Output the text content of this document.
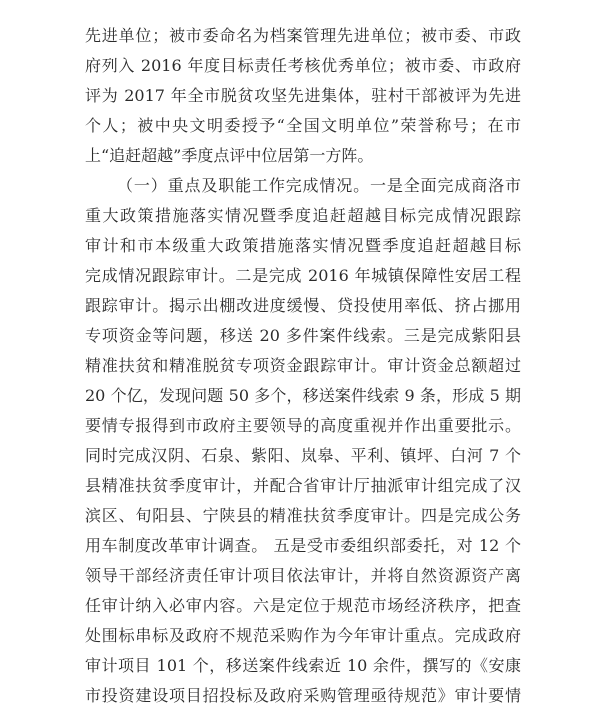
先进单位；被市委命名为档案管理先进单位；被市委、市政
府列入 2016 年度目标责任考核优秀单位；被市委、市政府
评为 2017 年全市脱贫攻坚先进集体，驻村干部被评为先进
个人；被中央文明委授予“全国文明单位”荣誉称号；在市
上“追赶超越”季度点评中位居第一方阵。
（一）重点及职能工作完成情况。一是全面完成商洛市
重大政策措施落实情况暨季度追赶超越目标完成情况跟踪
审计和市本级重大政策措施落实情况暨季度追赶超越目标
完成情况跟踪审计。二是完成 2016 年城镇保障性安居工程
跟踪审计。揭示出棚改进度缓慢、贷投使用率低、挤占挪用
专项资金等问题，移送 20 多件案件线索。三是完成紫阳县
精准扶贫和精准脱贫专项资金跟踪审计。审计资金总额超过
20 个亿，发现问题 50 多个，移送案件线索 9 条，形成 5 期
要情专报得到市政府主要领导的高度重视并作出重要批示。
同时完成汉阴、石泉、紫阳、岚皋、平利、镇坪、白河 7 个
县精准扶贫季度审计，并配合省审计厅抽派审计组完成了汉
滨区、旬阳县、宁陕县的精准扶贫季度审计。四是完成公务
用车制度改革审计调查。 五是受市委组织部委托，对 12 个
领导干部经济责任审计项目依法审计，并将自然资源资产离
任审计纳入必审内容。六是定位于规范市场经济秩序，把查
处围标串标及政府不规范采购作为今年审计重点。完成政府
审计项目 101 个，移送案件线索近 10 余件，撰写的《安康
市投资建设项目招投标及政府采购管理亟待规范》审计要情
